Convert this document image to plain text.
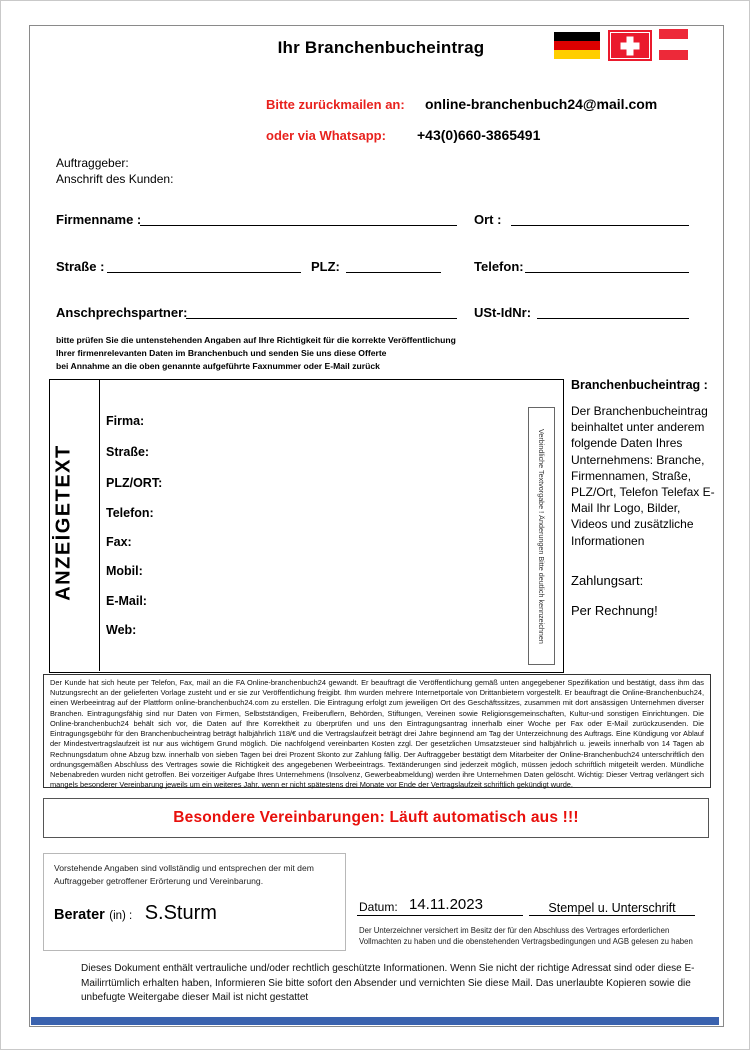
Ihr Branchenbucheintrag
Bitte zurückmailen an: online-branchenbuch24@mail.com
oder via Whatsapp: +43(0)660-3865491
Auftraggeber:
Anschrift des Kunden:
Firmenname :	Ort :
Straße :	PLZ:	Telefon:
Anschprechspartner:	USt-IdNr:
bitte prüfen Sie die untenstehenden Angaben auf Ihre Richtigkeit für die korrekte Veröffentlichung
Ihrer firmenrelevanten Daten im Branchenbuch und senden Sie uns diese Offerte
bei Annahme an die oben genannte aufgeführte Faxnummer oder E-Mail zurück
ANZEİGETEXT
Firma:
Straße:
PLZ/ORT:
Telefon:
Fax:
Mobil:
E-Mail:
Web:	Verbindliche Textvorgabe ! Änderungen Bitte deutlich kennzeichnen
Branchenbucheintrag :
Der Branchenbucheintrag beinhaltet unter anderem folgende Daten Ihres Unternehmens: Branche, Firmennamen, Straße, PLZ/Ort, Telefon Telefax E-Mail Ihr Logo, Bilder, Videos und zusätzliche Informationen
Zahlungsart:
Per Rechnung!
Der Kunde hat sich heute per Telefon, Fax, mail an die FA Online-branchenbuch24 gewandt. Er beauftragt die Veröffentlichung gemäß unten angegebener Spezifikation und bestätigt, dass ihm das Nutzungsrecht an der gelieferten Vorlage zusteht und er sie zur Veröffentlichung freigibt. Ihm wurden mehrere Internetportale von Drittanbietern vorgestellt. Er beauftragt die Online-Branchenbuch24, einen Werbeeintrag auf der Plattform online-branchenbuch24.com zu erstellen. Die Eintragung erfolgt zum jeweiligen Ort des Geschäftssitzes, zusammen mit dort ansässigen Unternehmen diverser Branchen. Eintragungsfähig sind nur Daten von Firmen, Selbstständigen, Freiberuflern, Behörden, Stiftungen, Vereinen sowie Religionsgemeinschaften, Kultur-und sonstigen Einrichtungen. Die Online-branchenbuch24 behält sich vor, die Daten auf Ihre Korrektheit zu überprüfen und uns den Eintragungsantrag innerhalb einer Woche per Fax oder E-Mail zurückzusenden. Die Eintragungsgebühr für den Branchenbucheintrag beträgt halbjährlich 118/€ und die Vertragslaufzeit beträgt drei Jahre beginnend am Tag der Unterzeichnung des Auftrags. Eine Kündigung vor Ablauf der Mindestvertragslaufzeit ist nur aus wichtigem Grund möglich. Die nachfolgend vereinbarten Kosten zzgl. Der gesetzlichen Umsatzsteuer sind halbjährlich u. jeweils innerhalb von 14 Tagen ab Rechnungsdatum ohne Abzug bzw. innerhalb von sieben Tagen bei drei Prozent Skonto zur Zahlung fällig. Der Auftraggeber bestätigt dem Mitarbeiter der Online-Branchenbuch24 unterschriftlich den ordnungsgemäßen Abschluss des Vertrages sowie die Richtigkeit des angegebenen Werbeeintrags. Textänderungen sind jederzeit möglich, müssen jedoch schriftlich mitgeteilt werden. Mündliche Nebenabreden wurden nicht getroffen. Bei vorzeitiger Aufgabe Ihres Unternehmens (Insolvenz, Gewerbeabmeldung) werden ihre Unternehmen Daten gelöscht. Wichtig: Dieser Vertrag verlängert sich mangels besonderer Vereinbarung jeweils um ein weiteres Jahr, wenn er nicht spätestens drei Monate vor Ende der Vertragslaufzeit schriftlich gekündigt wurde.
Besondere Vereinbarungen: Läuft automatisch aus !!!
Vorstehende Angaben sind vollständig und entsprechen der mit dem Auftraggeber getroffener Erörterung und Vereinbarung.
Berater (in) : S.Sturm	Datum: 14.11.2023	$_{Stempel u. Unterschrift}$
Der Unterzeichner versichert im Besitz der für den Abschluss des Vertrages erforderlichen Vollmachten zu haben und die obenstehenden Vertragsbedingungen und AGB gelesen zu haben
Dieses Dokument enthält vertrauliche und/oder rechtlich geschützte Informationen. Wenn Sie nicht der richtige Adressat sind oder diese E-Mailirrtümlich erhalten haben, Informieren Sie bitte sofort den Absender und vernichten Sie diese Mail. Das unerlaubte Kopieren sowie die unbefugte Weitergabe dieser Mail ist nicht gestattet
